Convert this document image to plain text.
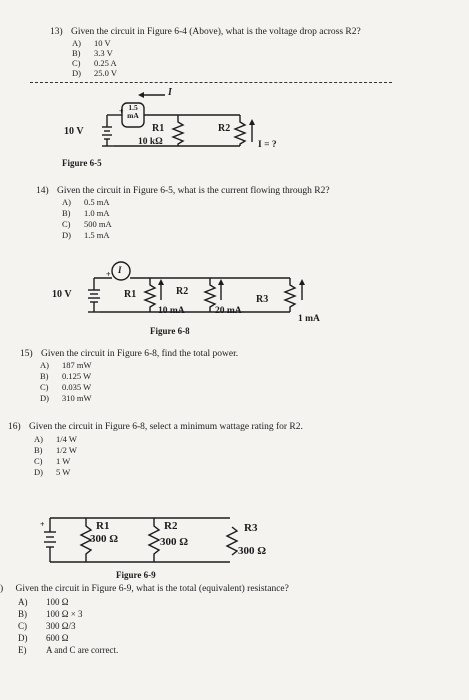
13) Given the circuit in Figure 6-4 (Above), what is the voltage drop across R2?
A) 10 V
B) 3.3 V
C) 0.25 A
D) 25.0 V
+
10 V
1.5 mA
I
R1
10 kΩ
R2
I = ?
Figure 6-5
14) Given the circuit in Figure 6-5, what is the current flowing through R2?
A) 0.5 mA
B) 1.0 mA
C) 500 mA
D) 1.5 mA
+
10 V
I
R1	R2
R3
10 mA	20 mA
1 mA
Figure 6-8
15) Given the circuit in Figure 6-8, find the total power.
A) 187 mW
B) 0.125 W
C) 0.035 W
D) 310 mW
16) Given the circuit in Figure 6-8, select a minimum wattage rating for R2.
A) 1/4 W
B) 1/2 W
C) 1 W
D) 5 W
+	R1
300 Ω
R2
300 Ω
R3
300 Ω
Figure 6-9
) Given the circuit in Figure 6-9, what is the total (equivalent) resistance?
A) 100 Ω
B) 100 Ω × 3
C) 300 Ω/3
D) 600 Ω
E) A and C are correct.
